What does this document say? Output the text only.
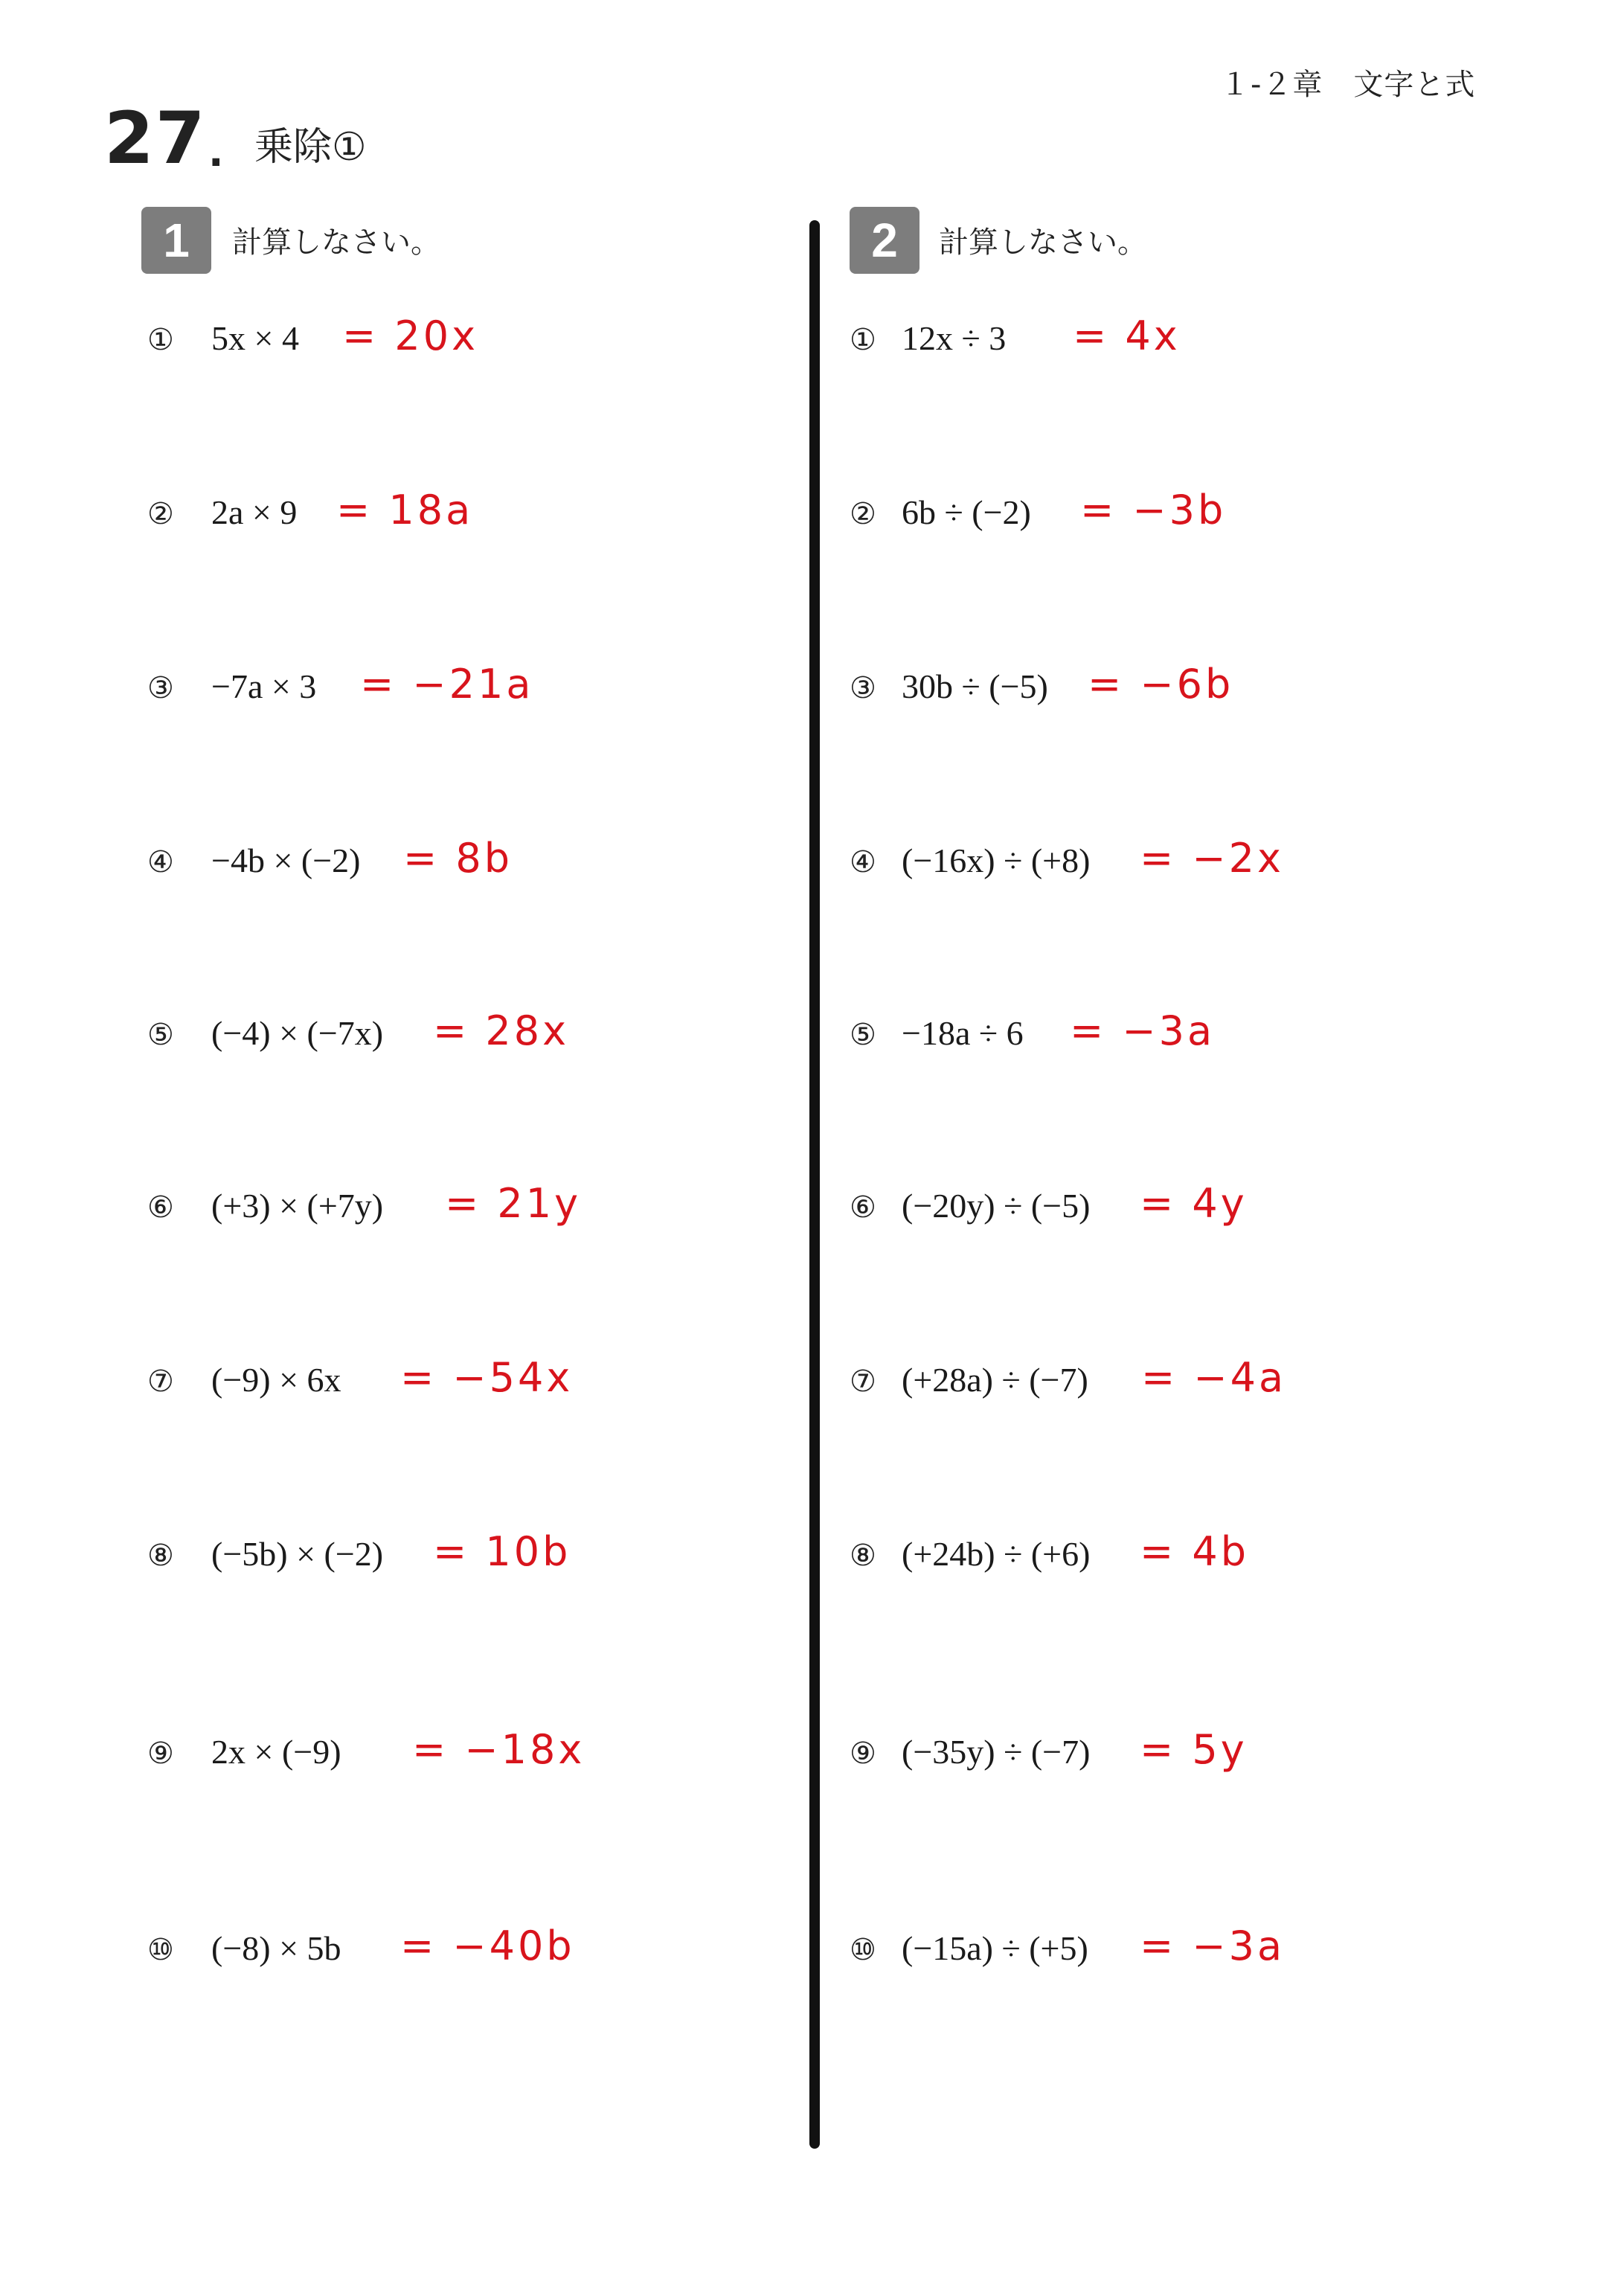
１-２章　文字と式
27 . 乗除①
1	計算しなさい。	2	計算しなさい。
① 5x × 4 = 20x
② 2a × 9 = 18a
③ −7a × 3 = −21a
④ −4b × (−2) = 8b
⑤ (−4) × (−7x) = 28x
⑥ (+3) × (+7y) = 21y
⑦ (−9) × 6x = −54x
⑧ (−5b) × (−2) = 10b
⑨ 2x × (−9) = −18x
⑩ (−8) × 5b = −40b
① 12x ÷ 3 = 4x
② 6b ÷ (−2) = −3b
③ 30b ÷ (−5) = −6b
④ (−16x) ÷ (+8) = −2x
⑤ −18a ÷ 6 = −3a
⑥ (−20y) ÷ (−5) = 4y
⑦ (+28a) ÷ (−7) = −4a
⑧ (+24b) ÷ (+6) = 4b
⑨ (−35y) ÷ (−7) = 5y
⑩ (−15a) ÷ (+5) = −3a
